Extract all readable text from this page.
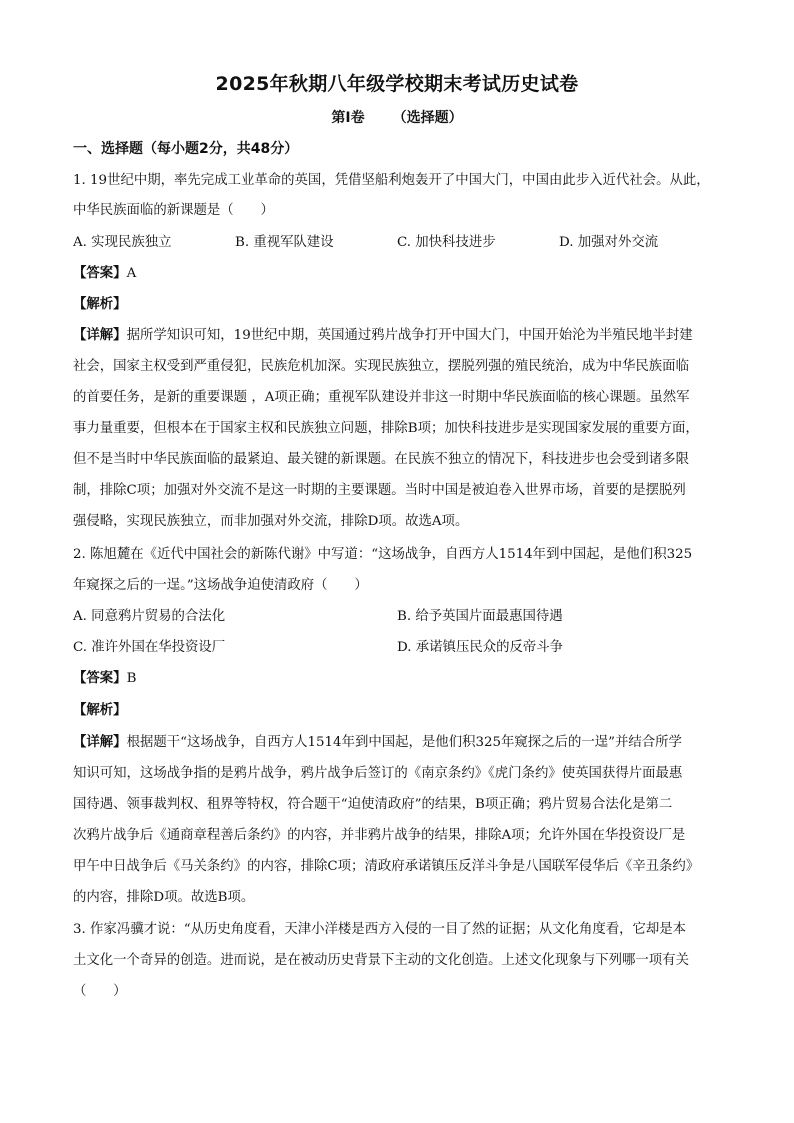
2025年秋期八年级学校期末考试历史试卷
第Ⅰ卷 （选择题）
一、选择题（每小题2分，共48分）
1. 19世纪中期，率先完成工业革命的英国，凭借坚船利炮轰开了中国大门，中国由此步入近代社会。从此，
中华民族面临的新课题是（　　）
A. 实现民族独立	B. 重视军队建设	C. 加快科技进步	D. 加强对外交流
【答案】A
【解析】
【详解】据所学知识可知，19世纪中期，英国通过鸦片战争打开中国大门，中国开始沦为半殖民地半封建
社会，国家主权受到严重侵犯，民族危机加深。实现民族独立，摆脱列强的殖民统治，成为中华民族面临
的首要任务，是新的重要课题 ，A项正确；重视军队建设并非这一时期中华民族面临的核心课题。虽然军
事力量重要，但根本在于国家主权和民族独立问题，排除B项；加快科技进步是实现国家发展的重要方面，
但不是当时中华民族面临的最紧迫、最关键的新课题。在民族不独立的情况下，科技进步也会受到诸多限
制，排除C项；加强对外交流不是这一时期的主要课题。当时中国是被迫卷入世界市场，首要的是摆脱列
强侵略，实现民族独立，而非加强对外交流，排除D项。故选A项。
2. 陈旭麓在《近代中国社会的新陈代谢》中写道：“这场战争，自西方人1514年到中国起，是他们积325
年窥探之后的一逞。”这场战争迫使清政府（　　）
A. 同意鸦片贸易的合法化	B. 给予英国片面最惠国待遇
C. 准许外国在华投资设厂	D. 承诺镇压民众的反帝斗争
【答案】B
【解析】
【详解】根据题干“这场战争，自西方人1514年到中国起，是他们积325年窥探之后的一逞”并结合所学
知识可知，这场战争指的是鸦片战争，鸦片战争后签订的《南京条约》《虎门条约》使英国获得片面最惠
国待遇、领事裁判权、租界等特权，符合题干“迫使清政府”的结果，B项正确；鸦片贸易合法化是第二
次鸦片战争后《通商章程善后条约》的内容，并非鸦片战争的结果，排除A项；允许外国在华投资设厂是
甲午中日战争后《马关条约》的内容，排除C项；清政府承诺镇压反洋斗争是八国联军侵华后《辛丑条约》
的内容，排除D项。故选B项。
3. 作家冯骥才说：“从历史角度看，天津小洋楼是西方入侵的一目了然的证据；从文化角度看，它却是本
土文化一个奇异的创造。进而说，是在被动历史背景下主动的文化创造。上述文化现象与下列哪一项有关
（　　）
